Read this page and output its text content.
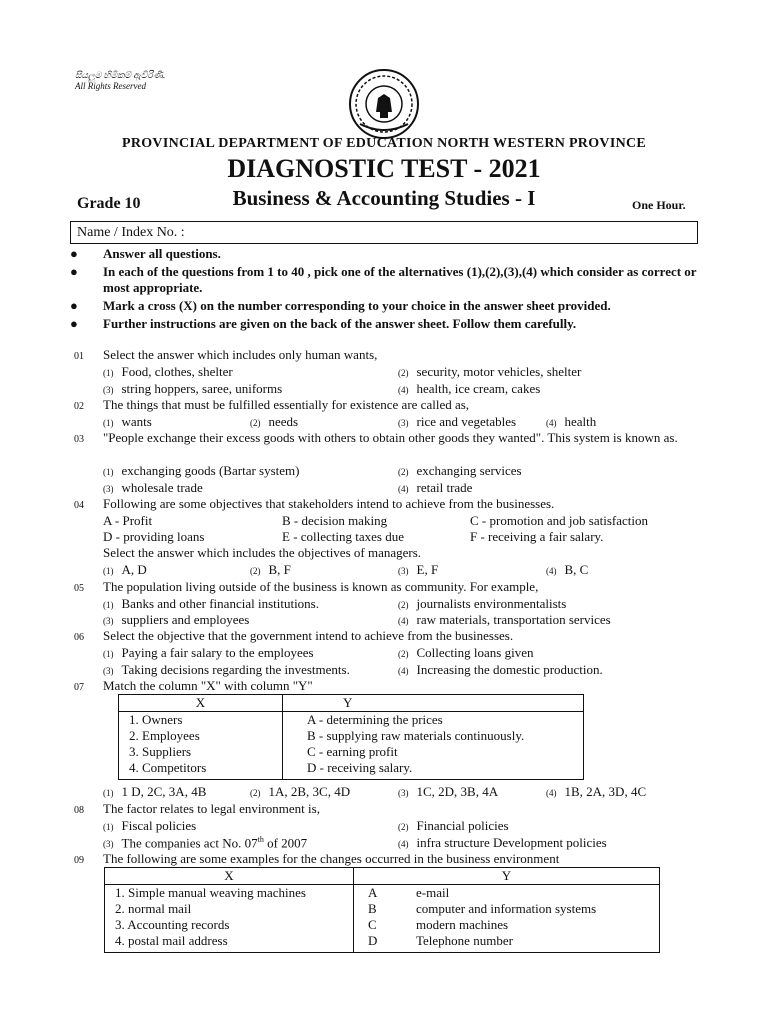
සියලුම හිමිකම් ඇවිරිණි.
All Rights Reserved
PROVINCIAL DEPARTMENT OF EDUCATION NORTH WESTERN PROVINCE
DIAGNOSTIC TEST - 2021
Grade 10	Business & Accounting Studies - I	One Hour.
Name / Index No. :
● Answer all questions.
● In each of the questions from 1 to 40 , pick one of the alternatives (1),(2),(3),(4) which consider as correct or most appropriate.
● Mark a cross (X) on the number corresponding to your choice in the answer sheet provided.
● Further instructions are given on the back of the answer sheet. Follow them carefully.
01 Select the answer which includes only human wants,
(1) Food, clothes, shelter	(2) security, motor vehicles, shelter
(3) string hoppers, saree, uniforms	(4) health, ice cream, cakes
02 The things that must be fulfilled essentially for existence are called as,
(1) wants	(2) needs	(3) rice and vegetables	(4) health
03 "People exchange their excess goods with others to obtain other goods they wanted". This system is known as.
(1) exchanging goods (Bartar system)	(2) exchanging services
(3) wholesale trade	(4) retail trade
04 Following are some objectives that stakeholders intend to achieve from the businesses.
A - Profit	B - decision making	C - promotion and job satisfaction
D - providing loans	E - collecting taxes due	F - receiving a fair salary.
Select the answer which includes the objectives of managers.
(1) A, D	(2) B, F	(3) E, F	(4) B, C
05 The population living outside of the business is known as community. For example,
(1) Banks and other financial institutions.	(2) journalists environmentalists
(3) suppliers and employees	(4) raw materials, transportation services
06 Select the objective that the government intend to achieve from the businesses.
(1) Paying a fair salary to the employees	(2) Collecting loans given
(3) Taking decisions regarding the investments.	(4) Increasing the domestic production.
07 Match the column "X" with column "Y"
X	Y
1. Owners	A - determining the prices
2. Employees	B - supplying raw materials continuously.
3. Suppliers	C - earning profit
4. Competitors	D - receiving salary.
(1) 1 D, 2C, 3A, 4B	(2) 1A, 2B, 3C, 4D	(3) 1C, 2D, 3B, 4A	(4) 1B, 2A, 3D, 4C
08 The factor relates to legal environment is,
(1) Fiscal policies	(2) Financial policies
(3) The companies act No. 07th of 2007	(4) infra structure Development policies
09 The following are some examples for the changes occurred in the business environment
X	Y	
1. Simple manual weaving machines	A	e-mail
2. normal mail	B	computer and information systems
3. Accounting records	C	modern machines
4. postal mail address	D	Telephone number
